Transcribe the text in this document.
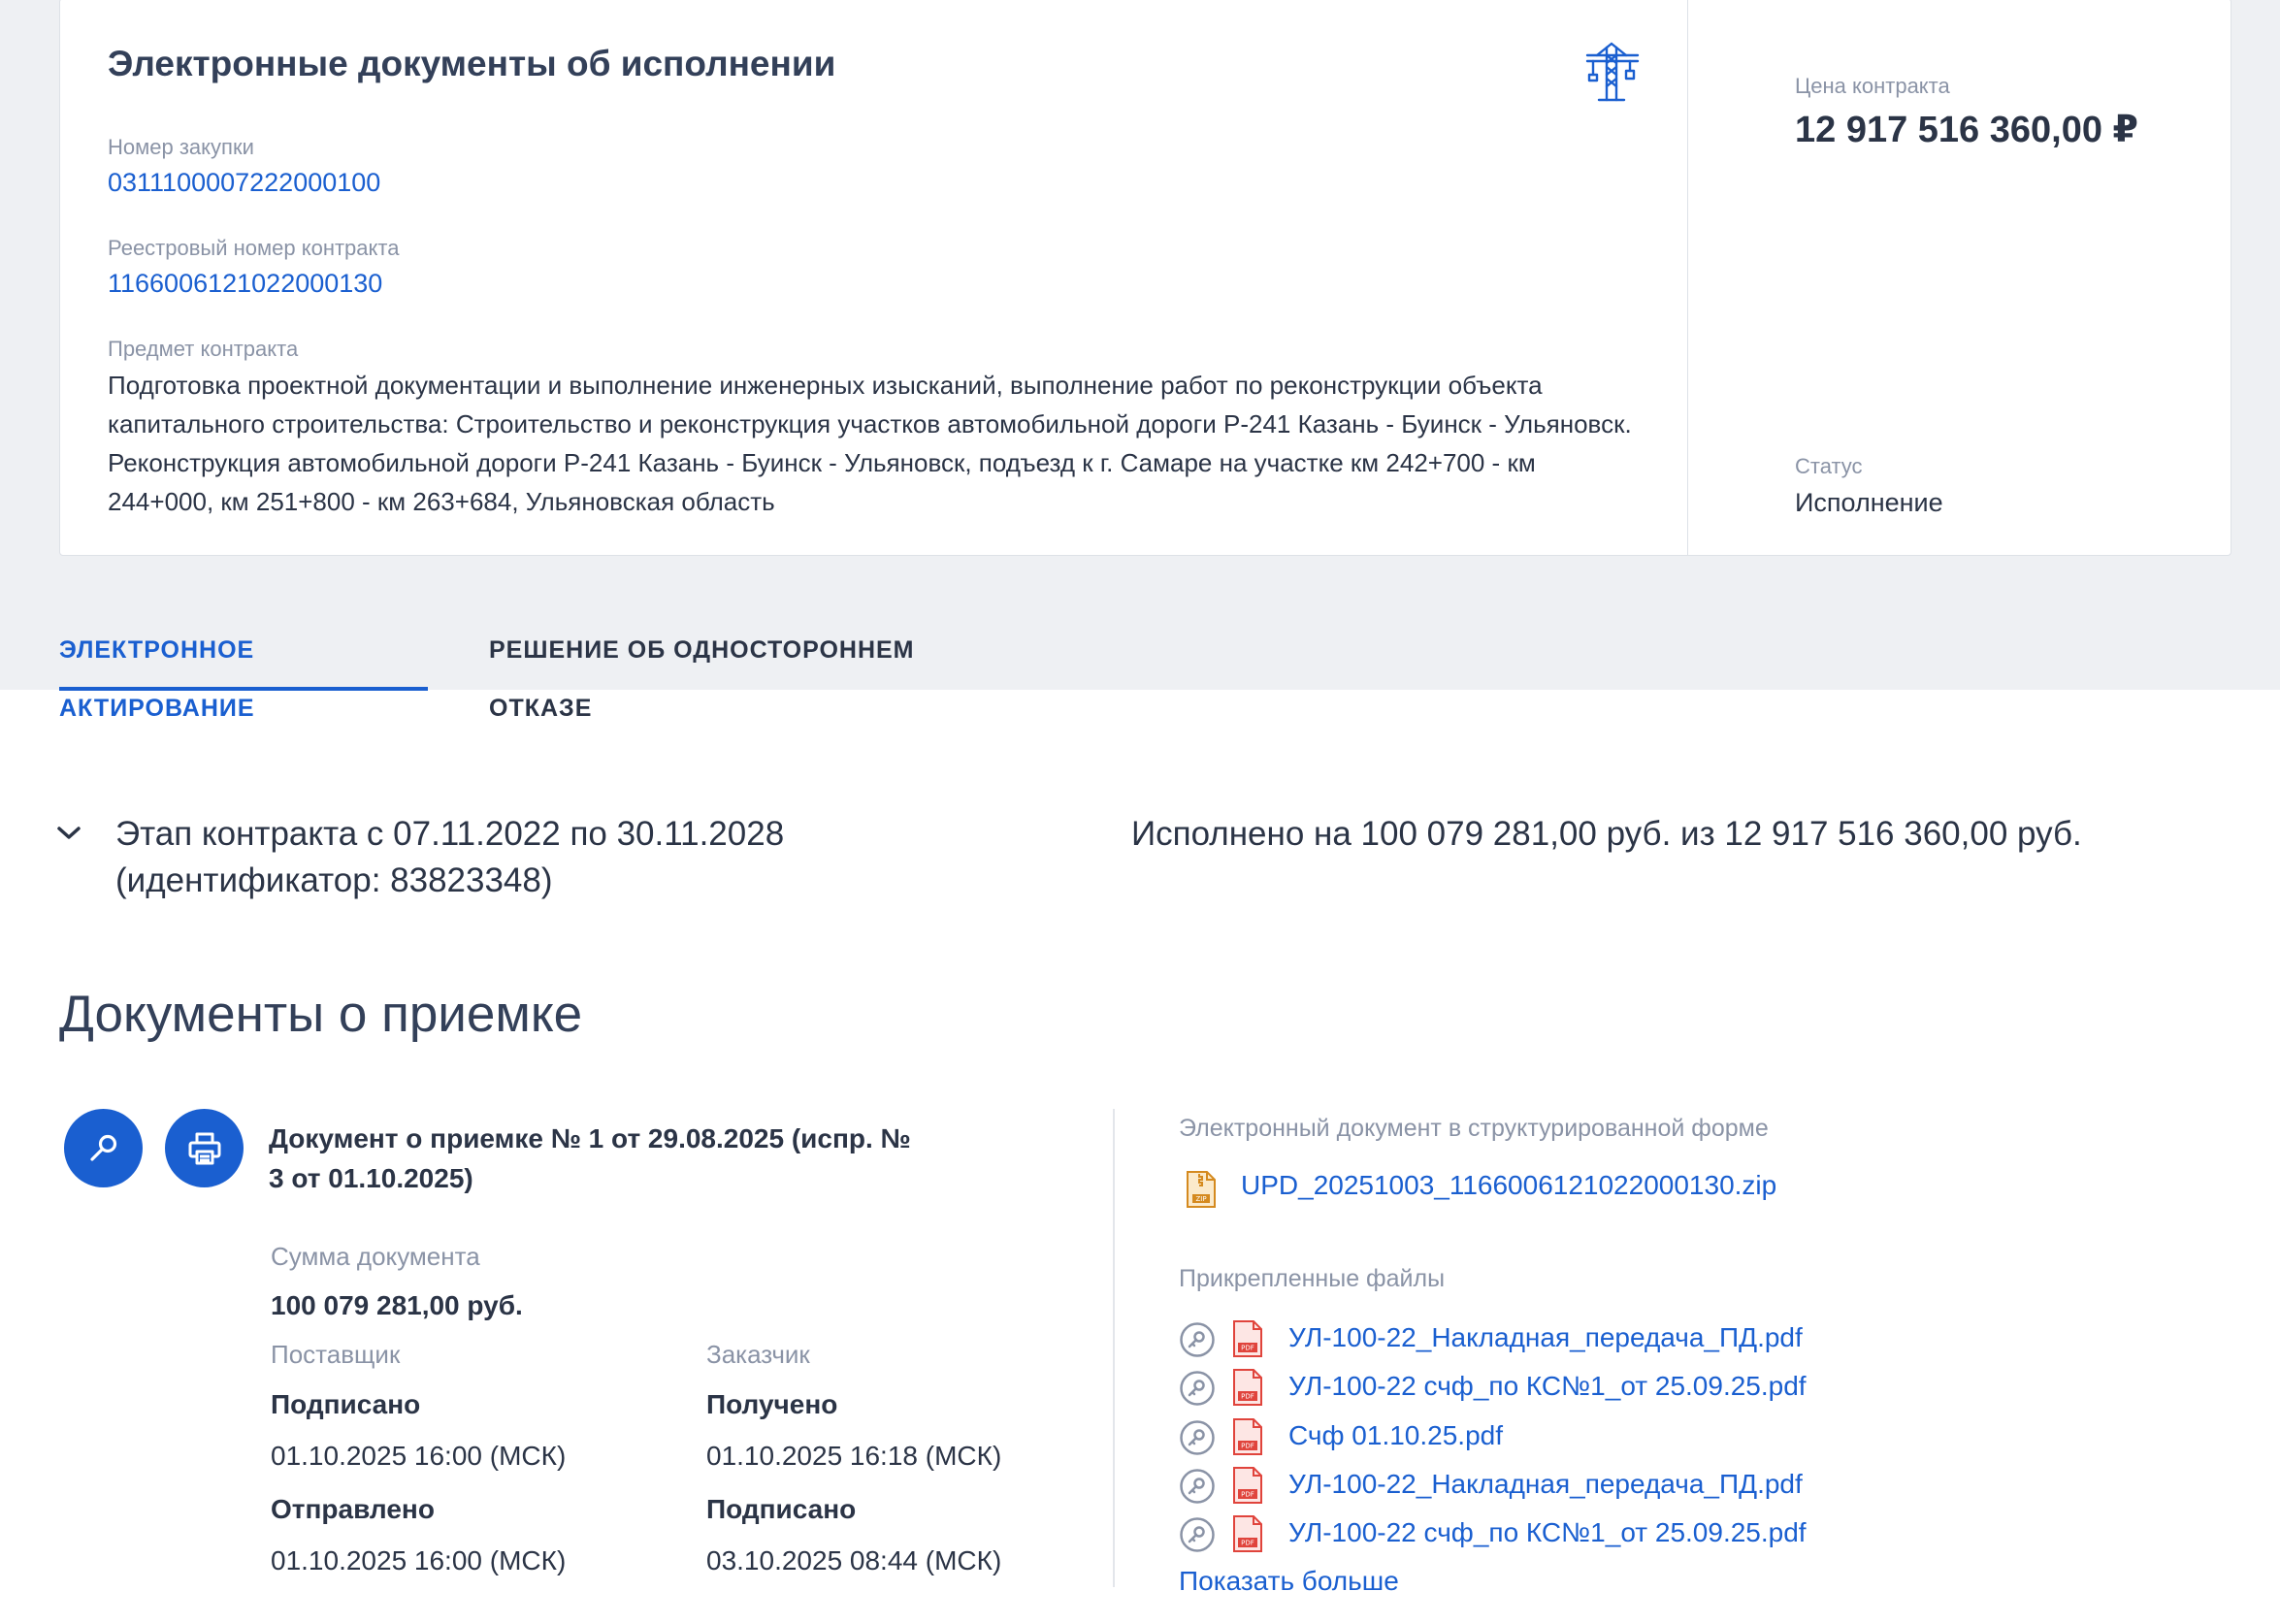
Электронные документы об исполнении
Номер закупки
0311100007222000100
Реестровый номер контракта
1166006121022000130
Предмет контракта
Подготовка проектной документации и выполнение инженерных изысканий, выполнение работ по реконструкции объекта капитального строительства: Строительство и реконструкция участков автомобильной дороги Р-241 Казань - Буинск - Ульяновск. Реконструкция автомобильной дороги Р-241 Казань - Буинск - Ульяновск, подъезд к г. Самаре на участке км 242+700 - км 244+000, км 251+800 - км 263+684, Ульяновская область
Цена контракта
12 917 516 360,00 ₽
Статус
Исполнение
ЭЛЕКТРОННОЕ АКТИРОВАНИЕ
РЕШЕНИЕ ОБ ОДНОСТОРОННЕМ ОТКАЗЕ
Этап контракта с 07.11.2022 по 30.11.2028
(идентификатор: 83823348)
Исполнено на 100 079 281,00 руб. из 12 917 516 360,00 руб.
Документы о приемке
Документ о приемке № 1 от 29.08.2025 (испр. № 3 от 01.10.2025)
Сумма документа
100 079 281,00 руб.
Поставщик
Подписано
01.10.2025 16:00 (МСК)
Отправлено
01.10.2025 16:00 (МСК)
Заказчик
Получено
01.10.2025 16:18 (МСК)
Подписано
03.10.2025 08:44 (МСК)
Электронный документ в структурированной форме
ZIP UPD_20251003_1166006121022000130.zip
Прикрепленные файлы
PDF УЛ-100-22_Накладная_передача_ПД.pdf
PDF УЛ-100-22 счф_по КС№1_от 25.09.25.pdf
PDF Счф 01.10.25.pdf
PDF УЛ-100-22_Накладная_передача_ПД.pdf
PDF УЛ-100-22 счф_по КС№1_от 25.09.25.pdf
Показать больше
